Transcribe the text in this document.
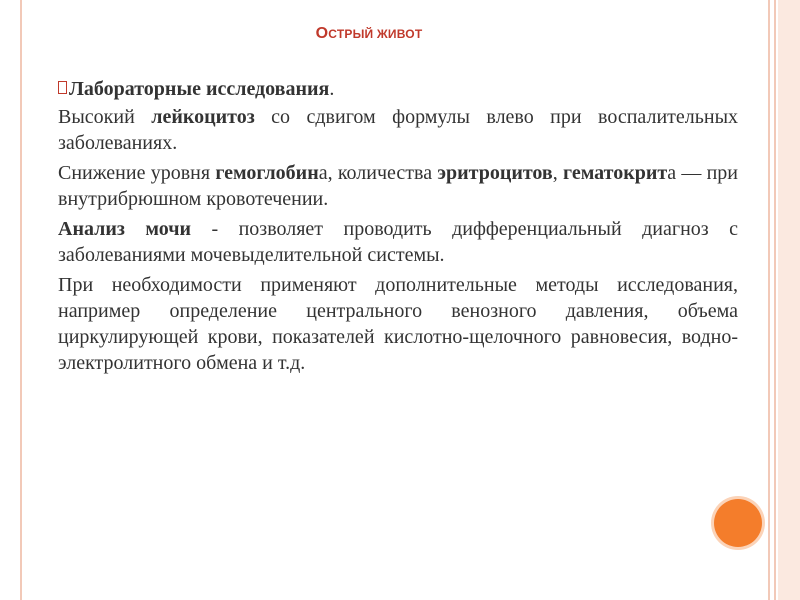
ОСТРЫЙ ЖИВОТ

Лабораторные исследования.

Высокий лейкоцитоз со сдвигом формулы влево при воспалительных заболеваниях.

Снижение уровня гемоглобина, количества эритроцитов, гематокрита — при внутрибрюшном кровотечении.

Анализ мочи - позволяет проводить дифференциальный диагноз с заболеваниями мочевыделительной системы.

При необходимости применяют дополнительные методы исследования, например определение центрального венозного давления, объема циркулирующей крови, показателей кислотно-щелочного равновесия, водно-электролитного обмена и т.д.
